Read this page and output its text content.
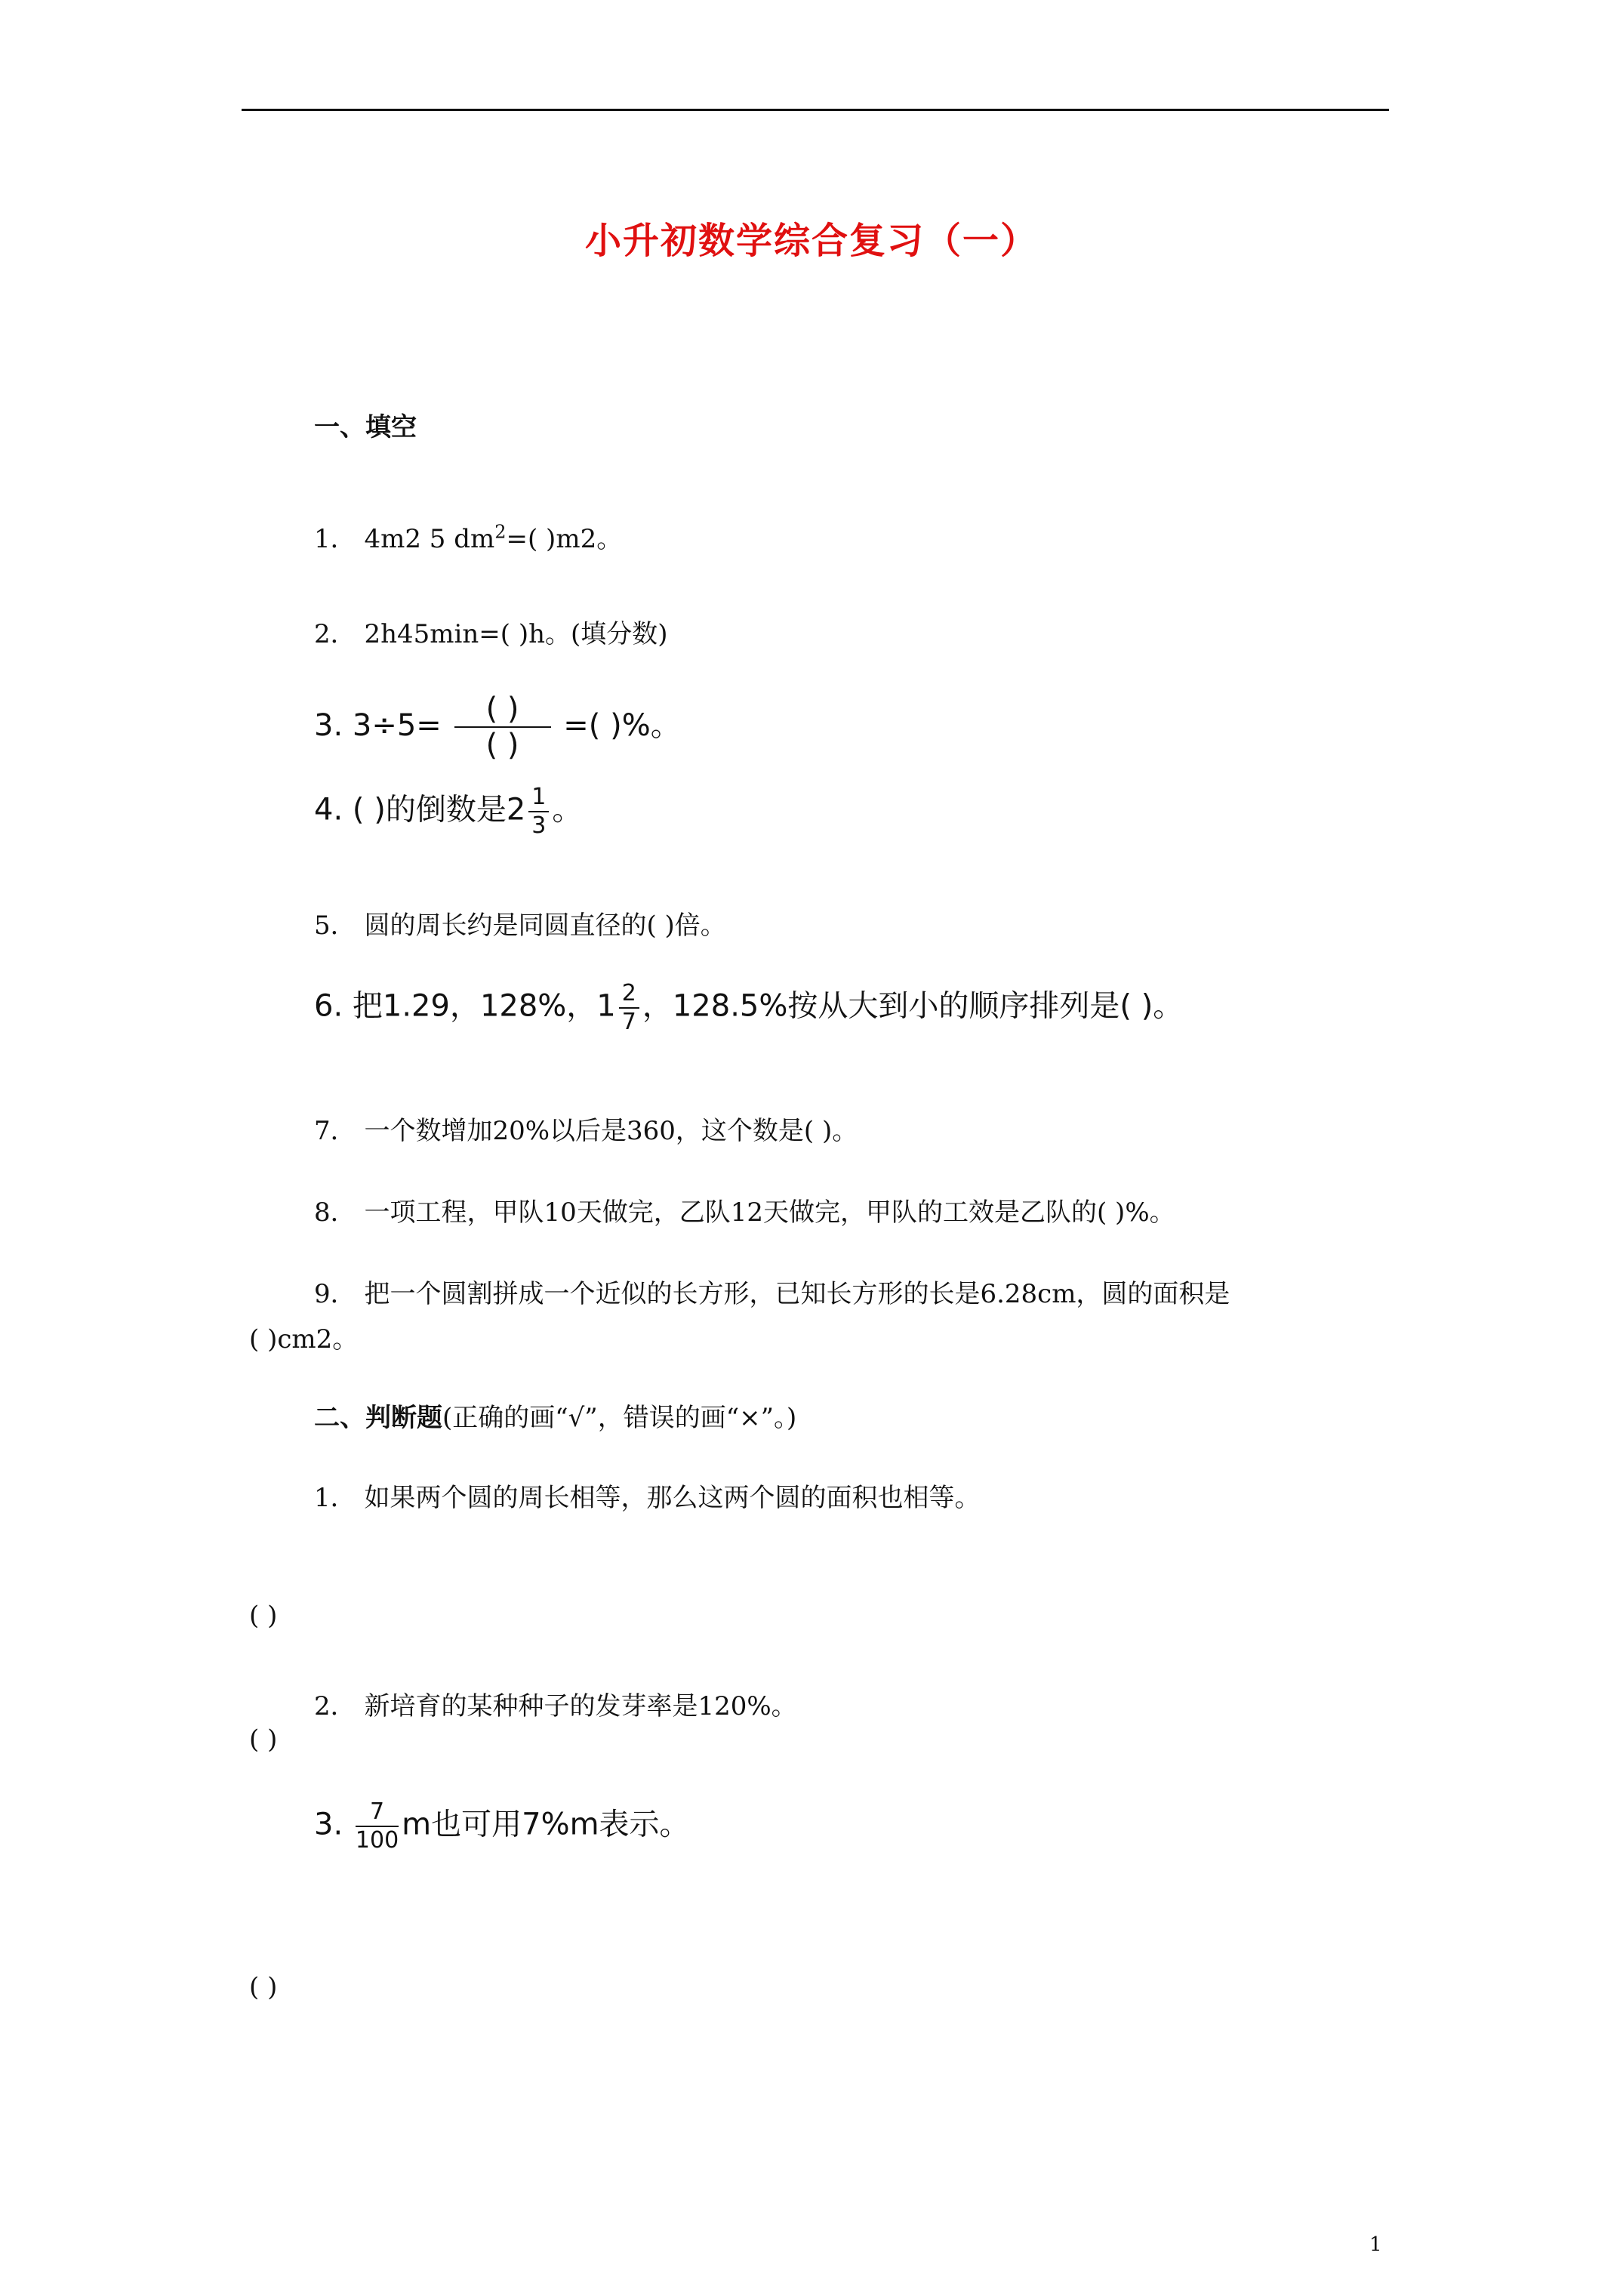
小升初数学综合复习（一）
一、填空
1． 4m2 5 $dm^2=$( )m2。
2． 2h45min=( )h。(填分数)
3. $3\div 5= \frac{( )}{( )}$ =( )%。
4. ( )的倒数是$2 \frac{1}{3}$ 。
5． 圆的周长约是同圆直径的( )倍。
6. 把1.29，128%，$1 \frac{2}{7}$ ，128.5%按从大到小的顺序排列是( )。
7． 一个数增加20%以后是360，这个数是( )。
8． 一项工程，甲队10天做完，乙队12天做完，甲队的工效是乙队的( )%。
9． 把一个圆割拼成一个近似的长方形，已知长方形的长是6.28cm，圆的面积是
( )cm2。
二、判断题(正确的画“√”，错误的画“×”。)
1． 如果两个圆的周长相等，那么这两个圆的面积也相等。
( )
2． 新培育的某种种子的发芽率是120%。
( )
3. $\frac{7}{100}$ m也可用7%m表示。
( )
1
